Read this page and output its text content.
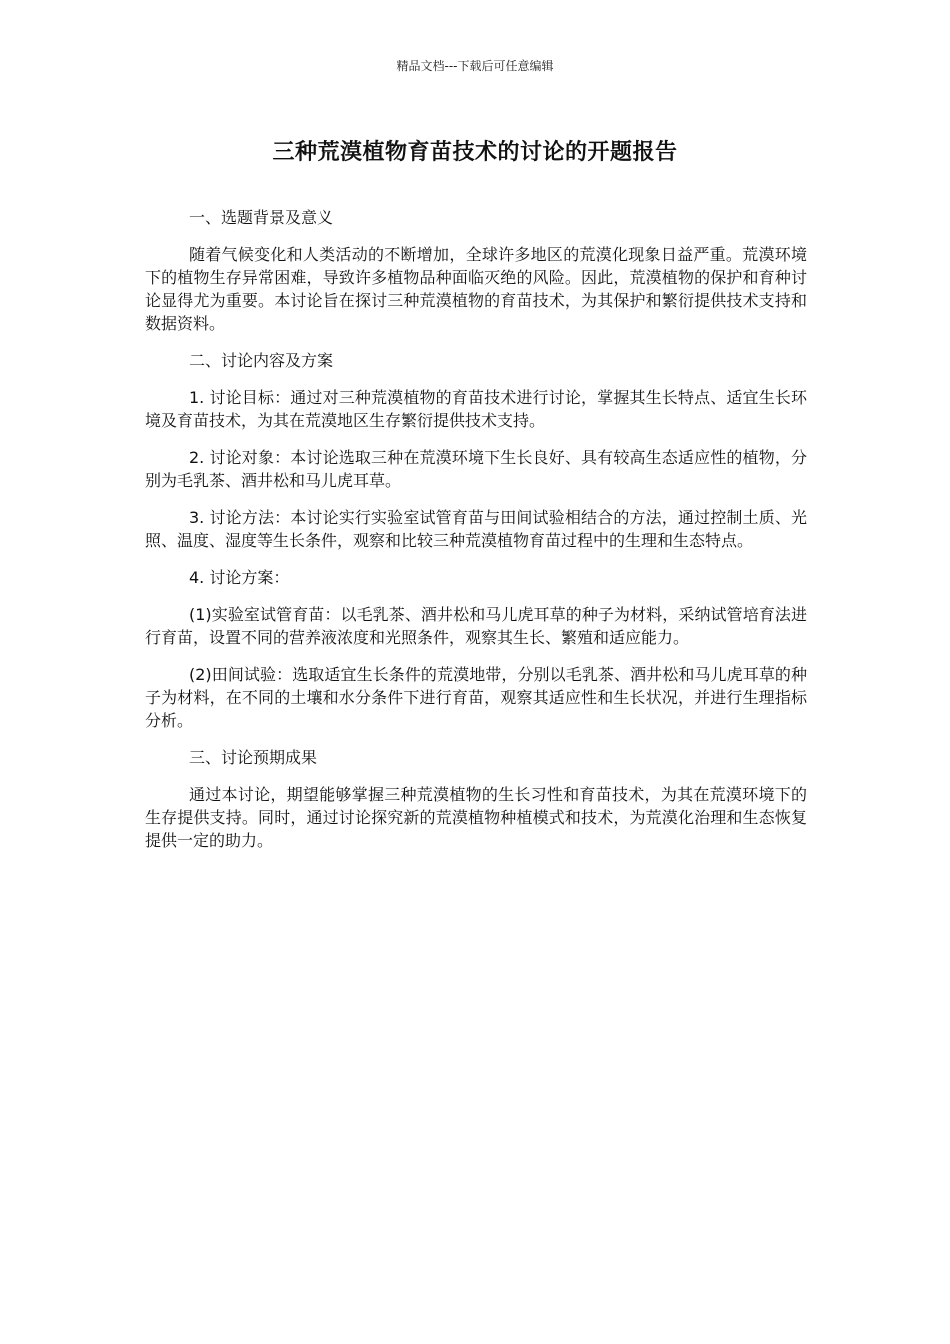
精品文档---下载后可任意编辑
三种荒漠植物育苗技术的讨论的开题报告

一、选题背景及意义

随着气候变化和人类活动的不断增加，全球许多地区的荒漠化现象日益严重。荒漠环境下的植物生存异常困难，导致许多植物品种面临灭绝的风险。因此，荒漠植物的保护和育种讨论显得尤为重要。本讨论旨在探讨三种荒漠植物的育苗技术，为其保护和繁衍提供技术支持和数据资料。

二、讨论内容及方案

1. 讨论目标：通过对三种荒漠植物的育苗技术进行讨论，掌握其生长特点、适宜生长环境及育苗技术，为其在荒漠地区生存繁衍提供技术支持。

2. 讨论对象：本讨论选取三种在荒漠环境下生长良好、具有较高生态适应性的植物，分别为毛乳茶、酒井松和马儿虎耳草。

3. 讨论方法：本讨论实行实验室试管育苗与田间试验相结合的方法，通过控制土质、光照、温度、湿度等生长条件，观察和比较三种荒漠植物育苗过程中的生理和生态特点。

4. 讨论方案：

(1)实验室试管育苗：以毛乳茶、酒井松和马儿虎耳草的种子为材料，采纳试管培育法进行育苗，设置不同的营养液浓度和光照条件，观察其生长、繁殖和适应能力。

(2)田间试验：选取适宜生长条件的荒漠地带，分别以毛乳茶、酒井松和马儿虎耳草的种子为材料，在不同的土壤和水分条件下进行育苗，观察其适应性和生长状况，并进行生理指标分析。

三、讨论预期成果

通过本讨论，期望能够掌握三种荒漠植物的生长习性和育苗技术，为其在荒漠环境下的生存提供支持。同时，通过讨论探究新的荒漠植物种植模式和技术，为荒漠化治理和生态恢复提供一定的助力。
